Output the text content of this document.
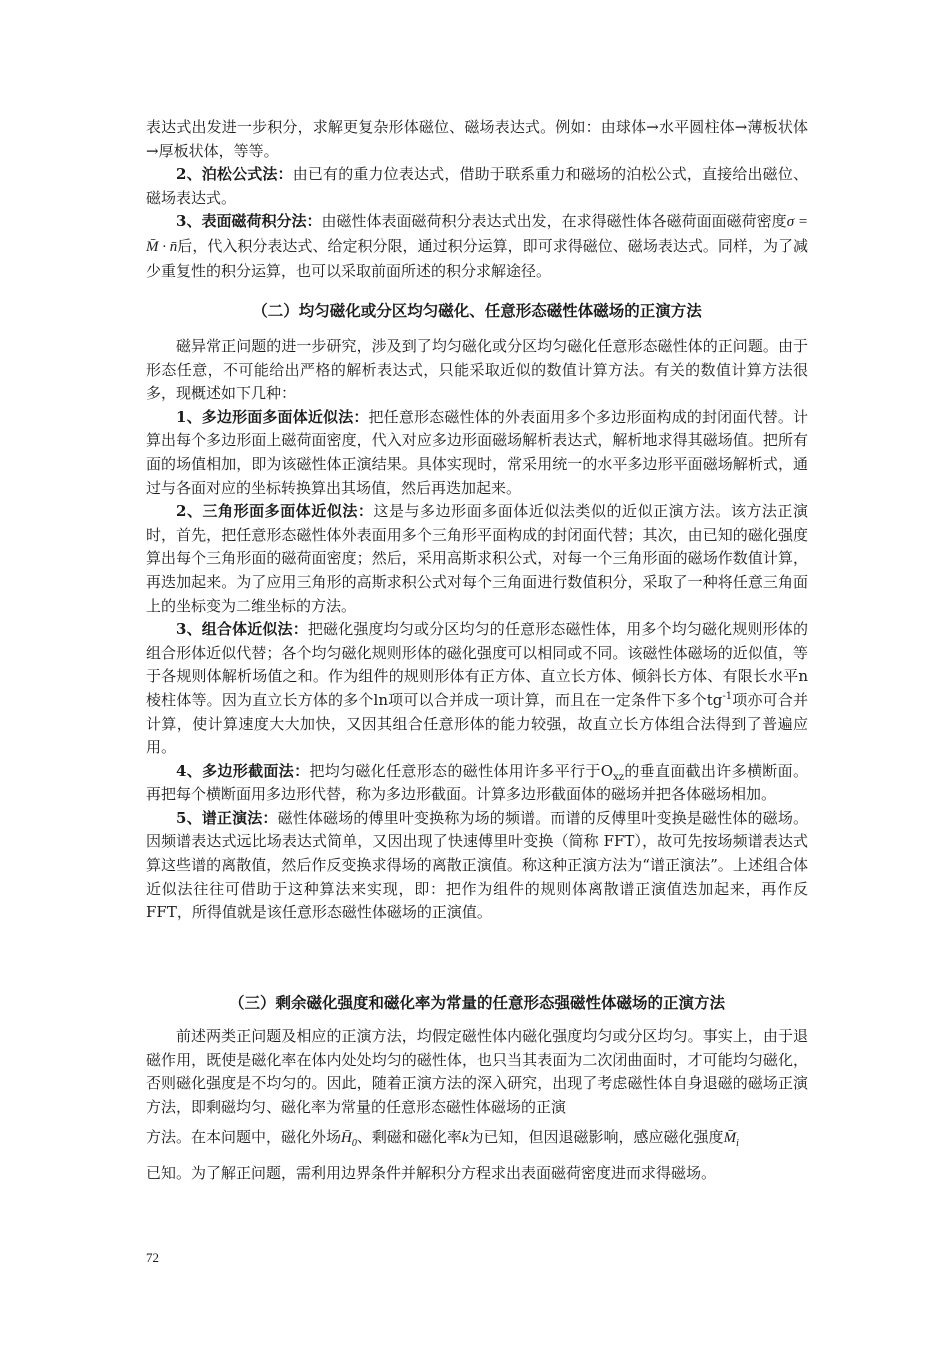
表达式出发进一步积分，求解更复杂形体磁位、磁场表达式。例如：由球体→水平圆柱体→薄板状体→厚板状体，等等。

2、泊松公式法：由已有的重力位表达式，借助于联系重力和磁场的泊松公式，直接给出磁位、磁场表达式。

3、表面磁荷积分法：由磁性体表面磁荷积分表达式出发，在求得磁性体各磁荷面面磁荷密度σ = M̄ · n̄后，代入积分表达式、给定积分限，通过积分运算，即可求得磁位、磁场表达式。同样，为了减少重复性的积分运算，也可以采取前面所述的积分求解途径。

（二）均匀磁化或分区均匀磁化、任意形态磁性体磁场的正演方法

磁异常正问题的进一步研究，涉及到了均匀磁化或分区均匀磁化任意形态磁性体的正问题。由于形态任意，不可能给出严格的解析表达式，只能采取近似的数值计算方法。有关的数值计算方法很多，现概述如下几种：

1、多边形面多面体近似法：把任意形态磁性体的外表面用多个多边形面构成的封闭面代替。计算出每个多边形面上磁荷面密度，代入对应多边形面磁场解析表达式，解析地求得其磁场值。把所有面的场值相加，即为该磁性体正演结果。具体实现时，常采用统一的水平多边形平面磁场解析式，通过与各面对应的坐标转换算出其场值，然后再迭加起来。

2、三角形面多面体近似法：这是与多边形面多面体近似法类似的近似正演方法。该方法正演时，首先，把任意形态磁性体外表面用多个三角形平面构成的封闭面代替；其次，由已知的磁化强度算出每个三角形面的磁荷面密度；然后，采用高斯求积公式，对每一个三角形面的磁场作数值计算，再迭加起来。为了应用三角形的高斯求积公式对每个三角面进行数值积分，采取了一种将任意三角面上的坐标变为二维坐标的方法。

3、组合体近似法：把磁化强度均匀或分区均匀的任意形态磁性体，用多个均匀磁化规则形体的组合形体近似代替；各个均匀磁化规则形体的磁化强度可以相同或不同。该磁性体磁场的近似值，等于各规则体解析场值之和。作为组件的规则形体有正方体、直立长方体、倾斜长方体、有限长水平n棱柱体等。因为直立长方体的多个ln项可以合并成一项计算，而且在一定条件下多个$tg^{-1}$项亦可合并计算，使计算速度大大加快，又因其组合任意形体的能力较强，故直立长方体组合法得到了普遍应用。

4、多边形截面法：把均匀磁化任意形态的磁性体用许多平行于$O_{xz}$的垂直面截出许多横断面。再把每个横断面用多边形代替，称为多边形截面。计算多边形截面体的磁场并把各体磁场相加。

5、谱正演法：磁性体磁场的傅里叶变换称为场的频谱。而谱的反傅里叶变换是磁性体的磁场。因频谱表达式远比场表达式简单，又因出现了快速傅里叶变换（简称 FFT），故可先按场频谱表达式算这些谱的离散值，然后作反变换求得场的离散正演值。称这种正演方法为“谱正演法”。上述组合体近似法往往可借助于这种算法来实现，即：把作为组件的规则体离散谱正演值迭加起来，再作反 FFT，所得值就是该任意形态磁性体磁场的正演值。

（三）剩余磁化强度和磁化率为常量的任意形态强磁性体磁场的正演方法

前述两类正问题及相应的正演方法，均假定磁性体内磁化强度均匀或分区均匀。事实上，由于退磁作用，既使是磁化率在体内处处均匀的磁性体，也只当其表面为二次闭曲面时，才可能均匀磁化，否则磁化强度是不均匀的。因此，随着正演方法的深入研究，出现了考虑磁性体自身退磁的磁场正演方法，即剩磁均匀、磁化率为常量的任意形态磁性体磁场的正演

方法。在本问题中，磁化外场$H̄_0$、剩磁和磁化率k为已知，但因退磁影响，感应磁化强度$M̄_i$

已知。为了解正问题，需利用边界条件并解积分方程求出表面磁荷密度进而求得磁场。

72
